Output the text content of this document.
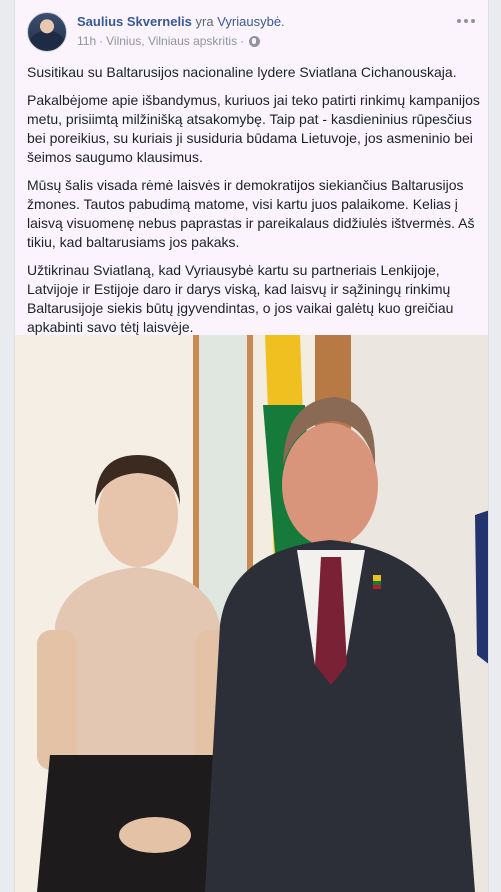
Saulius Skvernelis yra Vyriausybė.
11h · Vilnius, Vilniaus apskritis ·

Susitikau su Baltarusijos nacionaline lydere Sviatlana Cichanouskaja.

Pakalbėjome apie išbandymus, kuriuos jai teko patirti rinkimų kampanijos metu, prisiimtą milžinišką atsakomybę. Taip pat - kasdieninius rūpesčius bei poreikius, su kuriais ji susiduria būdama Lietuvoje, jos asmeninio bei šeimos saugumo klausimus.

Mūsų šalis visada rėmė laisvės ir demokratijos siekiančius Baltarusijos žmones. Tautos pabudimą matome, visi kartu juos palaikome. Kelias į laisvą visuomenę nebus paprastas ir pareikalaus didžiulės ištvermės. Aš tikiu, kad baltarusiams jos pakaks.

Užtikrinau Sviatlaną, kad Vyriausybė kartu su partneriais Lenkijoje, Latvijoje ir Estijoje daro ir darys viską, kad laisvų ir sąžiningų rinkimų Baltarusijoje siekis būtų įgyvendintas, o jos vaikai galėtų kuo greičiau apkabinti savo tėtį laisvėje.
